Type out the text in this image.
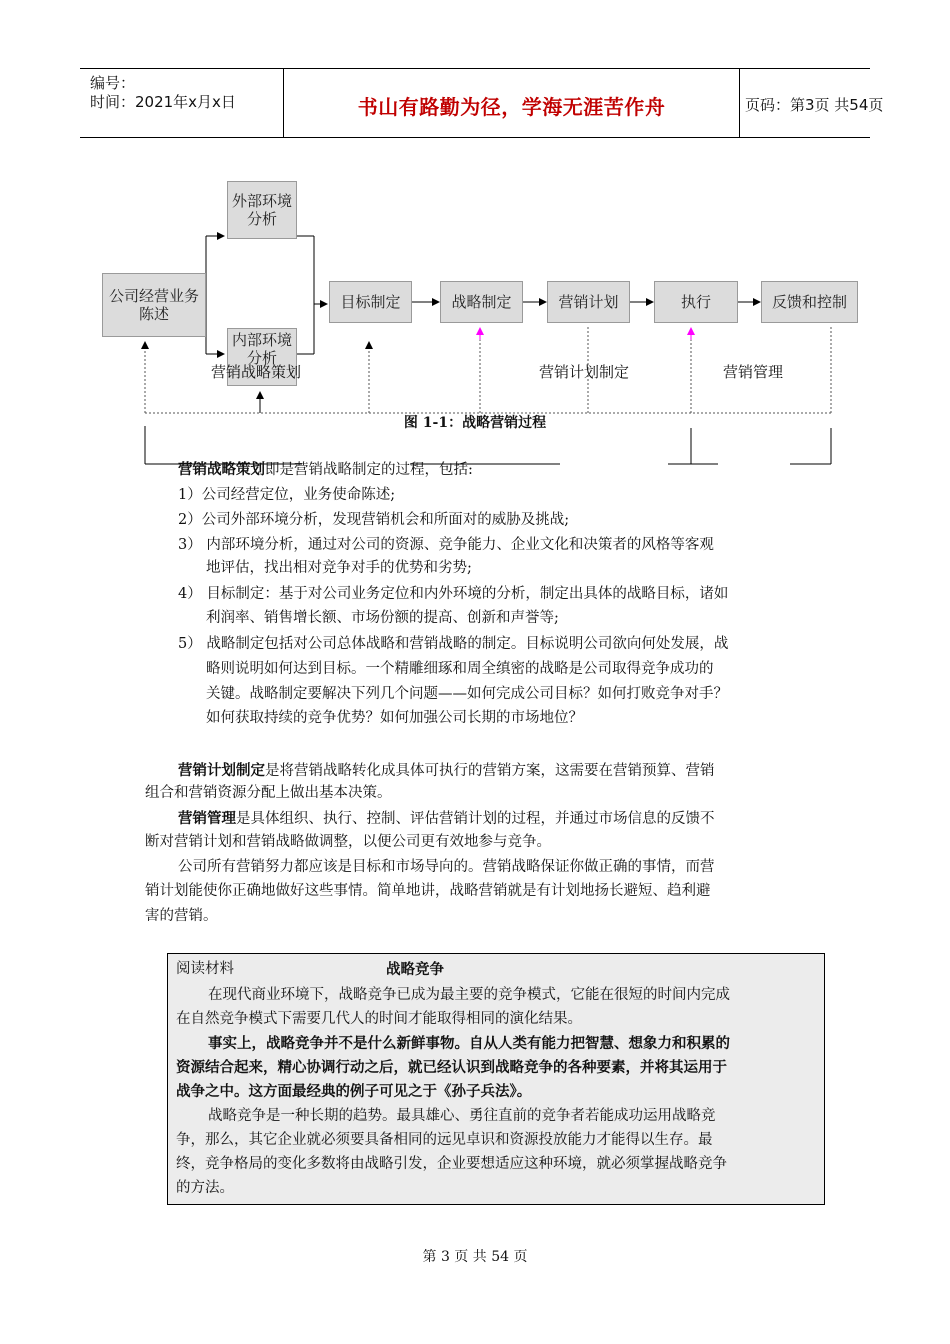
编号：
时间：2021年x月x日	书山有路勤为径，学海无涯苦作舟	页码：第3页 共54页
公司经营业务陈述
外部环境分析
内部环境分析
目标制定	战略制定	营销计划	执行	反馈和控制
营销战略策划	营销计划制定	营销管理
图 1-1：战略营销过程
营销战略策划即是营销战略制定的过程，包括:
1）公司经营定位，业务使命陈述;
2）公司外部环境分析，发现营销机会和所面对的威胁及挑战;
3） 内部环境分析，通过对公司的资源、竞争能力、企业文化和决策者的风格等客观
地评估，找出相对竞争对手的优势和劣势;
4） 目标制定：基于对公司业务定位和内外环境的分析，制定出具体的战略目标，诸如
利润率、销售增长额、市场份额的提高、创新和声誉等;
5） 战略制定包括对公司总体战略和营销战略的制定。目标说明公司欲向何处发展，战
略则说明如何达到目标。一个精雕细琢和周全缜密的战略是公司取得竞争成功的
关键。战略制定要解决下列几个问题——如何完成公司目标？如何打败竞争对手？
如何获取持续的竞争优势？如何加强公司长期的市场地位？
营销计划制定是将营销战略转化成具体可执行的营销方案，这需要在营销预算、营销
组合和营销资源分配上做出基本决策。
营销管理是具体组织、执行、控制、评估营销计划的过程，并通过市场信息的反馈不
断对营销计划和营销战略做调整，以便公司更有效地参与竞争。
公司所有营销努力都应该是目标和市场导向的。营销战略保证你做正确的事情，而营
销计划能使你正确地做好这些事情。简单地讲，战略营销就是有计划地扬长避短、趋利避
害的营销。
阅读材料	战略竞争
在现代商业环境下，战略竞争已成为最主要的竞争模式，它能在很短的时间内完成
在自然竞争模式下需要几代人的时间才能取得相同的演化结果。
事实上，战略竞争并不是什么新鲜事物。自从人类有能力把智慧、想象力和积累的
资源结合起来，精心协调行动之后，就已经认识到战略竞争的各种要素，并将其运用于
战争之中。这方面最经典的例子可见之于《孙子兵法》。
战略竞争是一种长期的趋势。最具雄心、勇往直前的竞争者若能成功运用战略竞
争，那么，其它企业就必须要具备相同的远见卓识和资源投放能力才能得以生存。最
终，竞争格局的变化多数将由战略引发，企业要想适应这种环境，就必须掌握战略竞争
的方法。
第 3 页 共 54 页
